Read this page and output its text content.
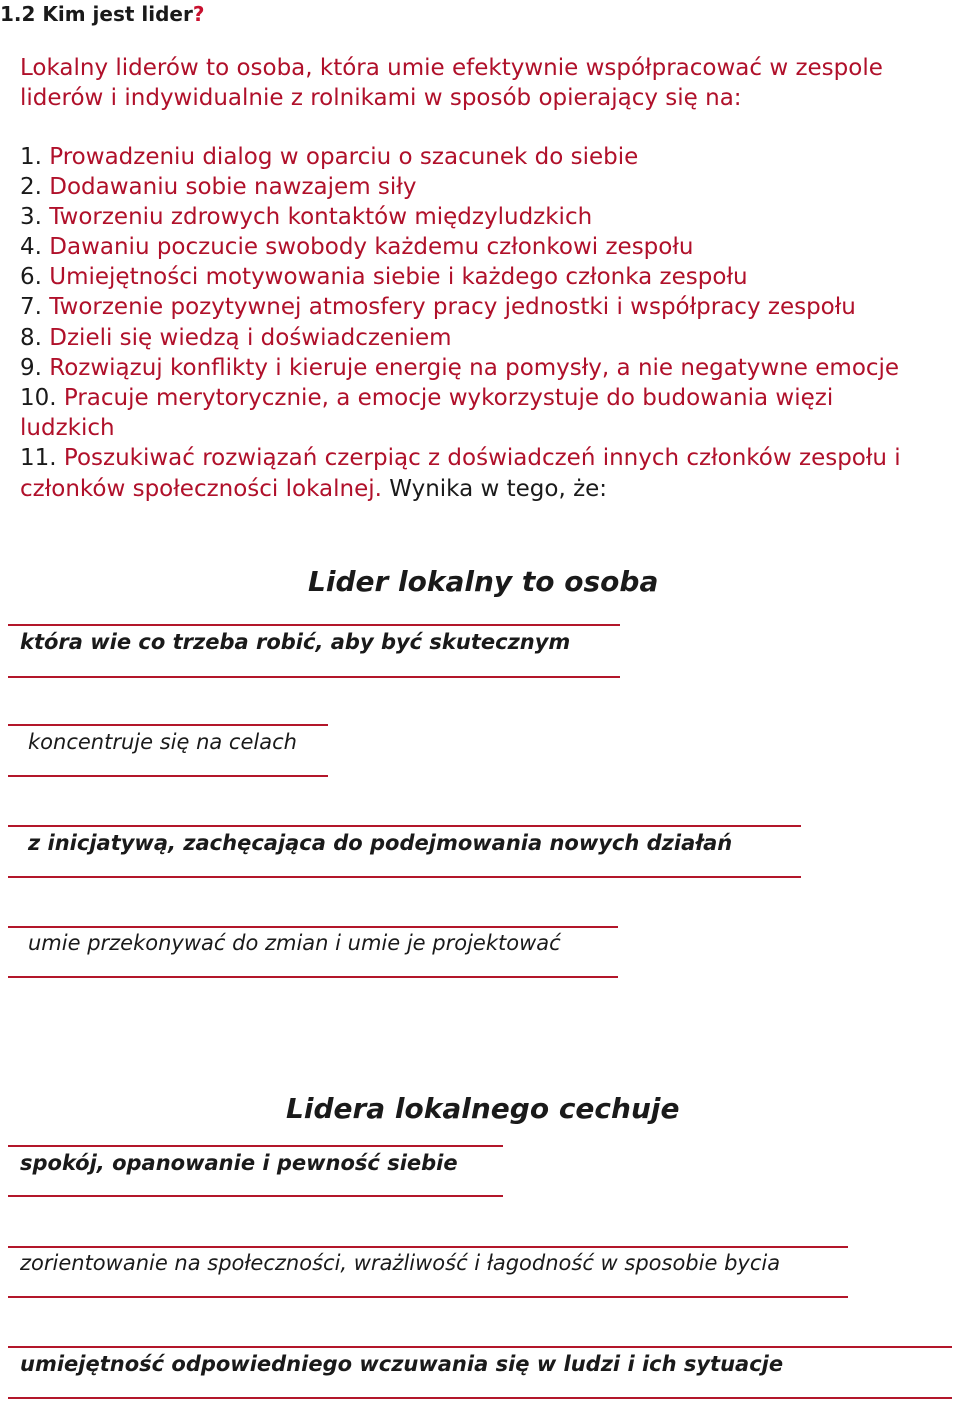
1.2 Kim jest lider?
Lokalny liderów to osoba, która umie efektywnie współpracować w zespole
liderów i indywidualnie z rolnikami w sposób opierający się na:
1. Prowadzeniu dialog w oparciu o szacunek do siebie
2. Dodawaniu sobie nawzajem siły
3. Tworzeniu zdrowych kontaktów międzyludzkich
4. Dawaniu poczucie swobody każdemu członkowi zespołu
6. Umiejętności motywowania siebie i każdego członka zespołu
7. Tworzenie pozytywnej atmosfery pracy jednostki i współpracy zespołu
8. Dzieli się wiedzą i doświadczeniem
9. Rozwiązuj konflikty i kieruje energię na pomysły, a nie negatywne emocje
10. Pracuje merytorycznie, a emocje wykorzystuje do budowania więzi
ludzkich
11. Poszukiwać rozwiązań czerpiąc z doświadczeń innych członków zespołu i
członków społeczności lokalnej. Wynika w tego, że:
Lider lokalny to osoba
która wie co trzeba robić, aby być skutecznym
koncentruje się na celach
z inicjatywą, zachęcająca do podejmowania nowych działań
umie przekonywać do zmian i umie je projektować
Lidera lokalnego cechuje
spokój, opanowanie i pewność siebie
zorientowanie na społeczności, wrażliwość i łagodność w sposobie bycia
umiejętność odpowiedniego wczuwania się w ludzi i ich sytuacje
